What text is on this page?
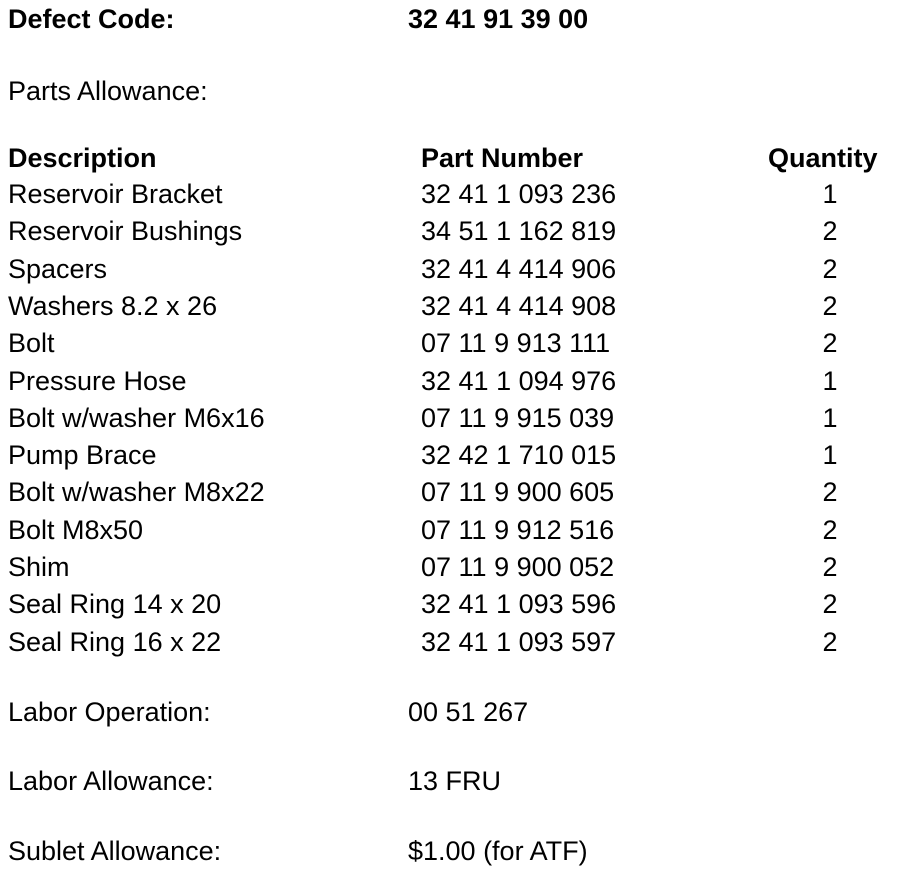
Defect Code:	32 41 91 39 00
Parts Allowance:
Description	Part Number	Quantity
Reservoir Bracket	32 41 1 093 236	1
Reservoir Bushings	34 51 1 162 819	2
Spacers	32 41 4 414 906	2
Washers 8.2 x 26	32 41 4 414 908	2
Bolt	07 11 9 913 111	2
Pressure Hose	32 41 1 094 976	1
Bolt w/washer M6x16	07 11 9 915 039	1
Pump Brace	32 42 1 710 015	1
Bolt w/washer M8x22	07 11 9 900 605	2
Bolt M8x50	07 11 9 912 516	2
Shim	07 11 9 900 052	2
Seal Ring 14 x 20	32 41 1 093 596	2
Seal Ring 16 x 22	32 41 1 093 597	2
Labor Operation:	00 51 267
Labor Allowance:	13 FRU
Sublet Allowance:	$1.00 (for ATF)
